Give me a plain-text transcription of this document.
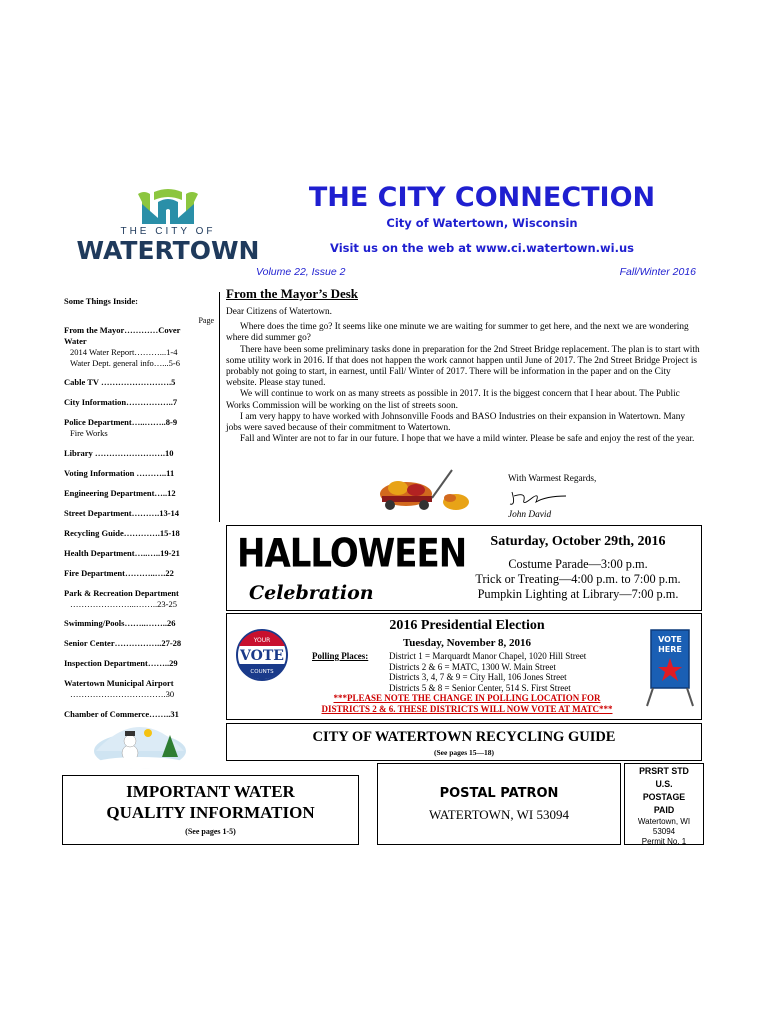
THE CITY OF
WATERTOWN
THE CITY CONNECTION
City of Watertown, Wisconsin
Visit us on the web at www.ci.watertown.wi.us
Volume 22, Issue 2	Fall/Winter 2016
Some Things Inside:
Page
From the Mayor…………Cover
Water
2014 Water Report………...1-4
Water Dept. general info…...5-6
Cable TV …………………….5
City Information……………..7
Police Department…..……..8-9
Fire Works
Library …………………….10
Voting Information ………..11
Engineering Department…..12
Street Department……….13-14
Recycling Guide………….15-18
Health Department…..…..19-21
Fire Department………..….22
Park & Recreation Department
…………………...……..23-25
Swimming/Pools……..……..26
Senior Center……………..27-28
Inspection Department……..29
Watertown Municipal Airport
…………………………….30
Chamber of Commerce……..31
From the Mayor’s Desk

Dear Citizens of Watertown.

Where does the time go? It seems like one minute we are waiting for summer to get here, and the next we are wondering where did summer go?

There have been some preliminary tasks done in preparation for the 2nd Street Bridge replacement. The plan is to start with some utility work in 2016. If that does not happen the work cannot happen until June of 2017. The 2nd Street Bridge Project is probably not going to start, in earnest, until Fall/ Winter of 2017. There will be information in the paper and on the City website. Please stay tuned.

We will continue to work on as many streets as possible in 2017. It is the biggest concern that I hear about. The Public Works Commission will be working on the list of streets soon.

I am very happy to have worked with Johnsonville Foods and BASO Industries on their expansion in Watertown. Many jobs were saved because of their commitment to Watertown.

Fall and Winter are not to far in our future. I hope that we have a mild winter. Please be safe and enjoy the rest of the year.

With Warmest Regards,
John David
HALLOWEEN
Celebration
Saturday, October 29th, 2016
Costume Parade—3:00 p.m.
Trick or Treating—4:00 p.m. to 7:00 p.m.
Pumpkin Lighting at Library—7:00 p.m.
YOUR
VOTE
COUNTS
2016 Presidential Election
Tuesday, November 8, 2016
Polling Places: District 1 = Marquardt Manor Chapel, 1020 Hill Street
Districts 2 & 6 = MATC, 1300 W. Main Street
Districts 3, 4, 7 & 9 = City Hall, 106 Jones Street
Districts 5 & 8 = Senior Center, 514 S. First Street
***PLEASE NOTE THE CHANGE IN POLLING LOCATION FOR
DISTRICTS 2 & 6. THESE DISTRICTS WILL NOW VOTE AT MATC***
VOTE
HERE
CITY OF WATERTOWN RECYCLING GUIDE
(See pages 15—18)
IMPORTANT WATER
QUALITY INFORMATION
(See pages 1-5)
POSTAL PATRON
WATERTOWN, WI 53094
PRSRT STD
U.S.
POSTAGE
PAID
Watertown, WI
53094
Permit No. 1
